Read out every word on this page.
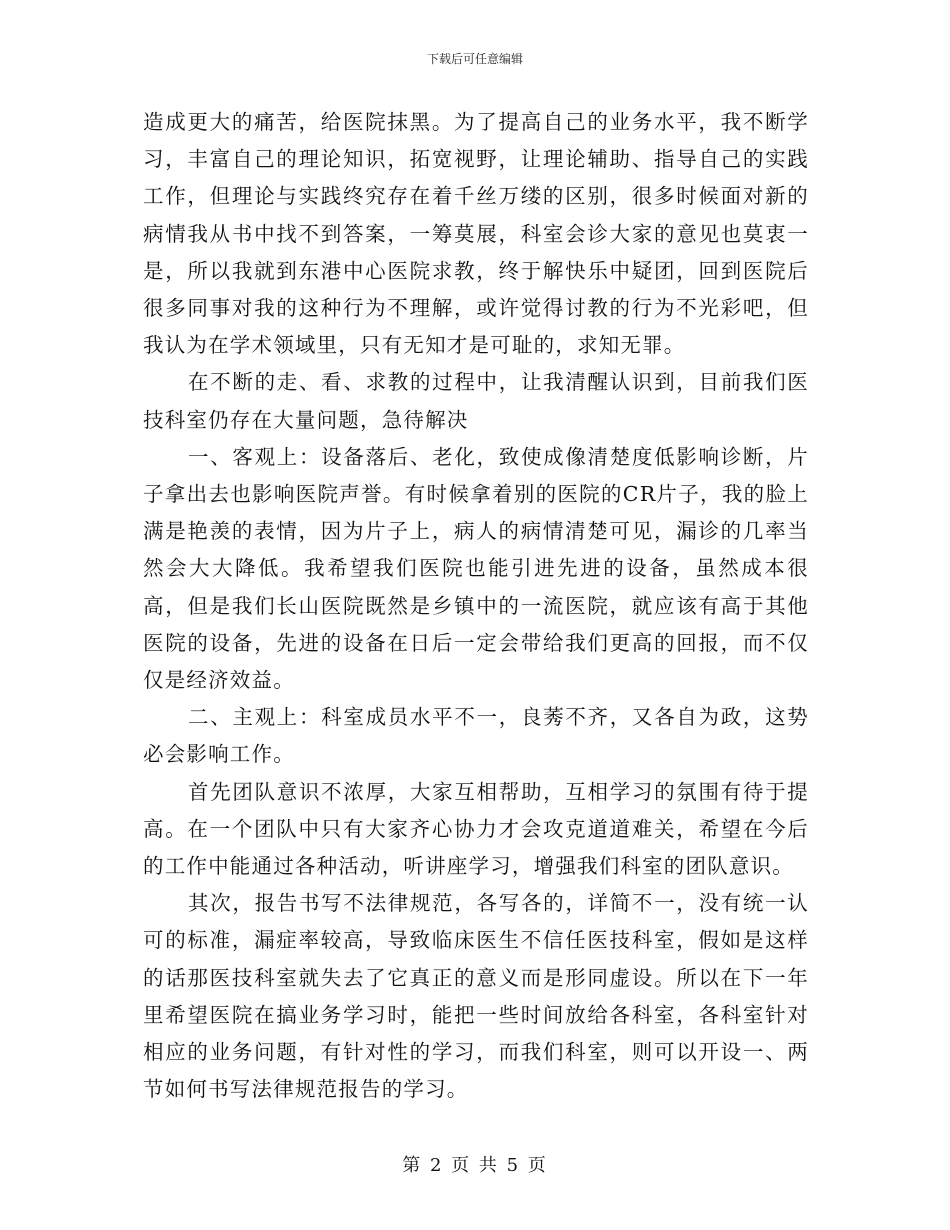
下载后可任意编辑

造成更大的痛苦，给医院抹黑。为了提高自己的业务水平，我不断学习，丰富自己的理论知识，拓宽视野，让理论辅助、指导自己的实践工作，但理论与实践终究存在着千丝万缕的区别，很多时候面对新的病情我从书中找不到答案，一筹莫展，科室会诊大家的意见也莫衷一是，所以我就到东港中心医院求教，终于解快乐中疑团，回到医院后很多同事对我的这种行为不理解，或许觉得讨教的行为不光彩吧，但我认为在学术领域里，只有无知才是可耻的，求知无罪。

在不断的走、看、求教的过程中，让我清醒认识到，目前我们医技科室仍存在大量问题，急待解决

一、客观上：设备落后、老化，致使成像清楚度低影响诊断，片子拿出去也影响医院声誉。有时候拿着别的医院的CR片子，我的脸上满是艳羡的表情，因为片子上，病人的病情清楚可见，漏诊的几率当然会大大降低。我希望我们医院也能引进先进的设备，虽然成本很高，但是我们长山医院既然是乡镇中的一流医院，就应该有高于其他医院的设备，先进的设备在日后一定会带给我们更高的回报，而不仅仅是经济效益。

二、主观上：科室成员水平不一，良莠不齐，又各自为政，这势必会影响工作。

首先团队意识不浓厚，大家互相帮助，互相学习的氛围有待于提高。在一个团队中只有大家齐心协力才会攻克道道难关，希望在今后的工作中能通过各种活动，听讲座学习，增强我们科室的团队意识。

其次，报告书写不法律规范，各写各的，详简不一，没有统一认可的标准，漏症率较高，导致临床医生不信任医技科室，假如是这样的话那医技科室就失去了它真正的意义而是形同虚设。所以在下一年里希望医院在搞业务学习时，能把一些时间放给各科室，各科室针对相应的业务问题，有针对性的学习，而我们科室，则可以开设一、两节如何书写法律规范报告的学习。

第 2 页 共 5 页
